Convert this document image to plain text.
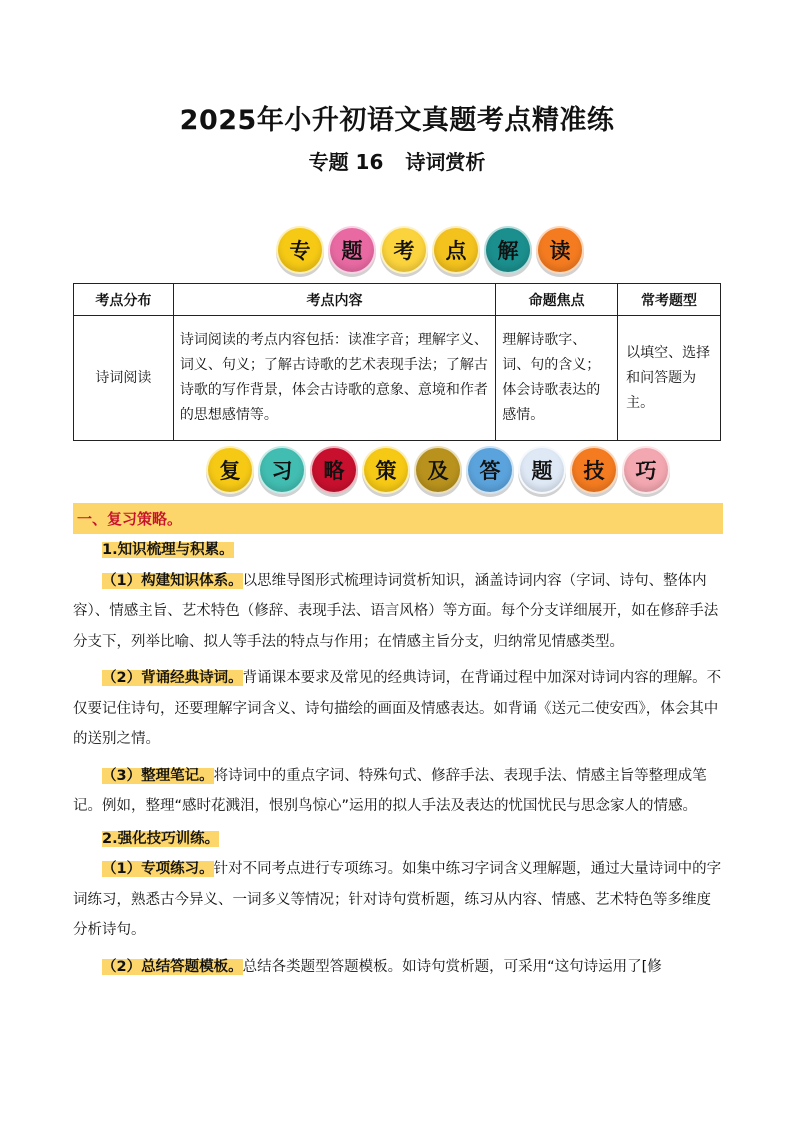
2025年小升初语文真题考点精准练
专题 16 诗词赏析
专	题	考	点	解	读
考点分布	考点内容	命题焦点	常考题型
诗词阅读	诗词阅读的考点内容包括：读准字音；理解字义、词义、句义；了解古诗歌的艺术表现手法；了解古诗歌的写作背景，体会古诗歌的意象、意境和作者的思想感情等。	理解诗歌字、词、句的含义；体会诗歌表达的感情。	以填空、选择和问答题为主。
复	习	略	策	及	答	题	技	巧
一、复习策略。

1.知识梳理与积累。

（1）构建知识体系。以思维导图形式梳理诗词赏析知识，涵盖诗词内容（字词、诗句、整体内容）、情感主旨、艺术特色（修辞、表现手法、语言风格）等方面。每个分支详细展开，如在修辞手法分支下，列举比喻、拟人等手法的特点与作用；在情感主旨分支，归纳常见情感类型。

（2）背诵经典诗词。背诵课本要求及常见的经典诗词，在背诵过程中加深对诗词内容的理解。不仅要记住诗句，还要理解字词含义、诗句描绘的画面及情感表达。如背诵《送元二使安西》，体会其中的送别之情。

（3）整理笔记。将诗词中的重点字词、特殊句式、修辞手法、表现手法、情感主旨等整理成笔记。例如，整理“感时花溅泪，恨别鸟惊心”运用的拟人手法及表达的忧国忧民与思念家人的情感。

2.强化技巧训练。

（1）专项练习。针对不同考点进行专项练习。如集中练习字词含义理解题，通过大量诗词中的字词练习，熟悉古今异义、一词多义等情况；针对诗句赏析题，练习从内容、情感、艺术特色等多维度分析诗句。

（2）总结答题模板。总结各类题型答题模板。如诗句赏析题，可采用“这句诗运用了[修
